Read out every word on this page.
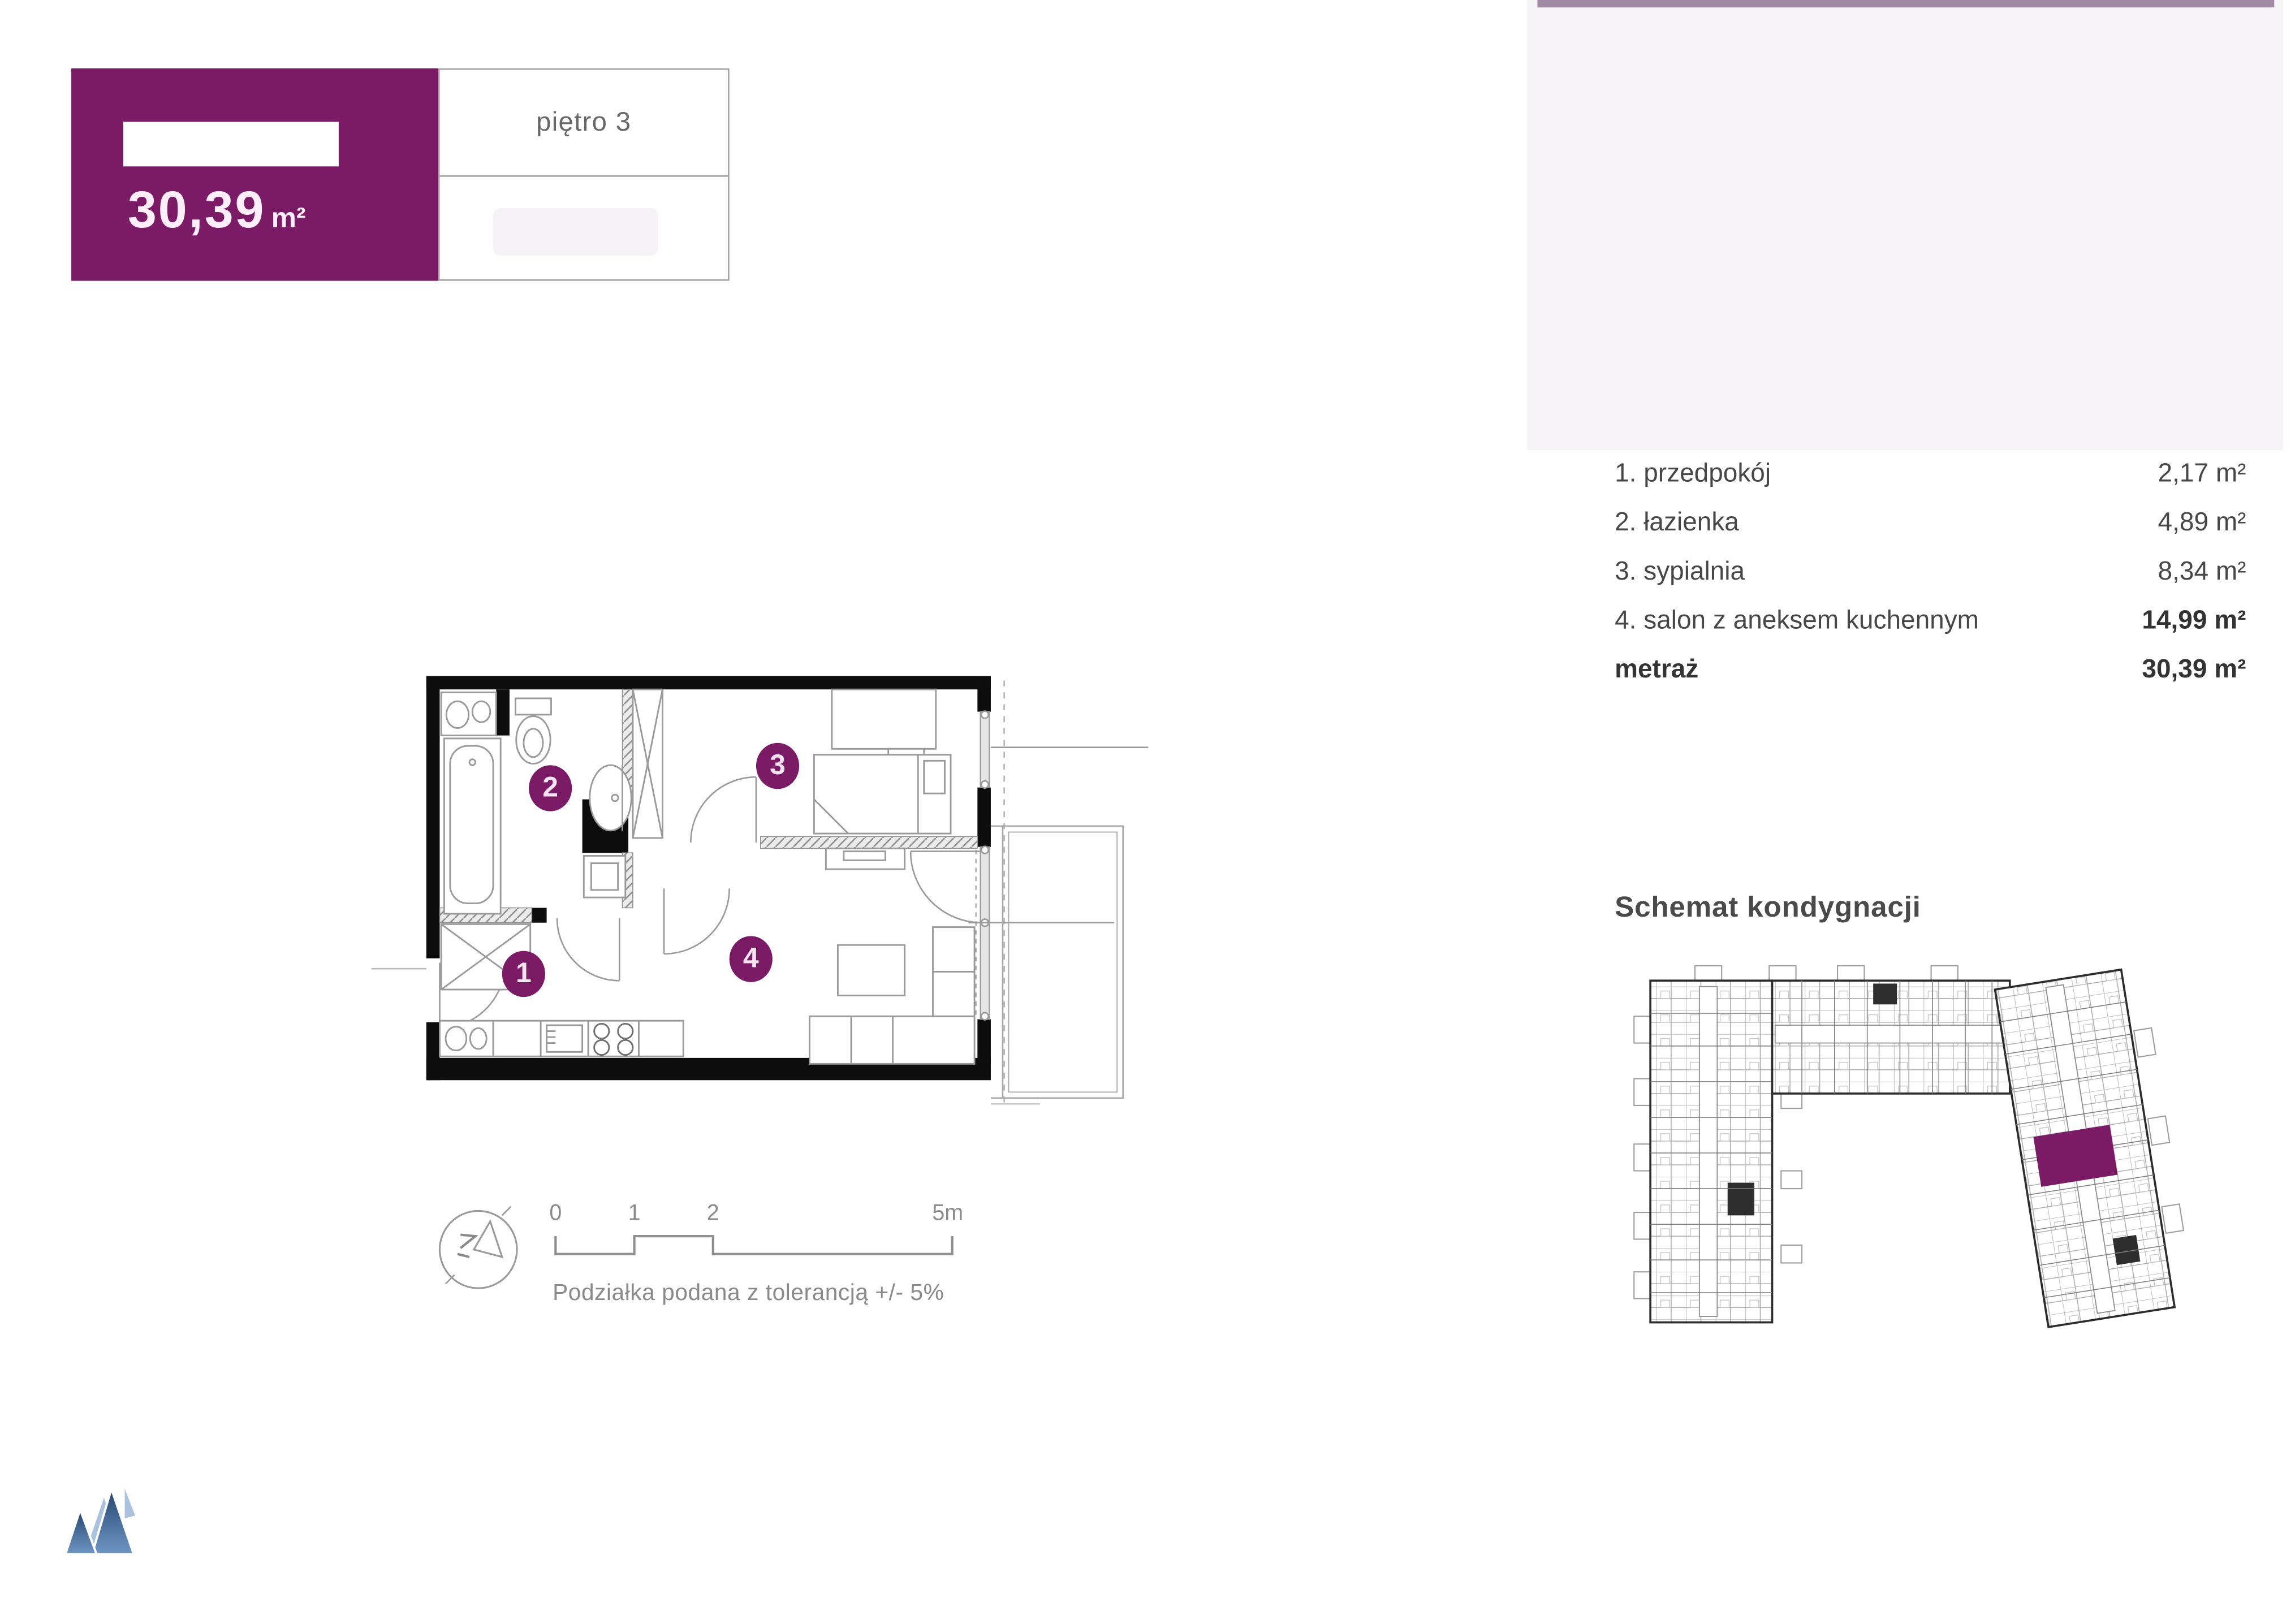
30,39 m²
piętro 3
1. przedpokój	2,17 m²
2. łazienka	4,89 m²
3. sypialnia	8,34 m²
4. salon z aneksem kuchennym	14,99 m²
metraż	30,39 m²
1
2
3
4
0	1	2	5m
Podziałka podana z tolerancją +/- 5%
Schemat kondygnacji
